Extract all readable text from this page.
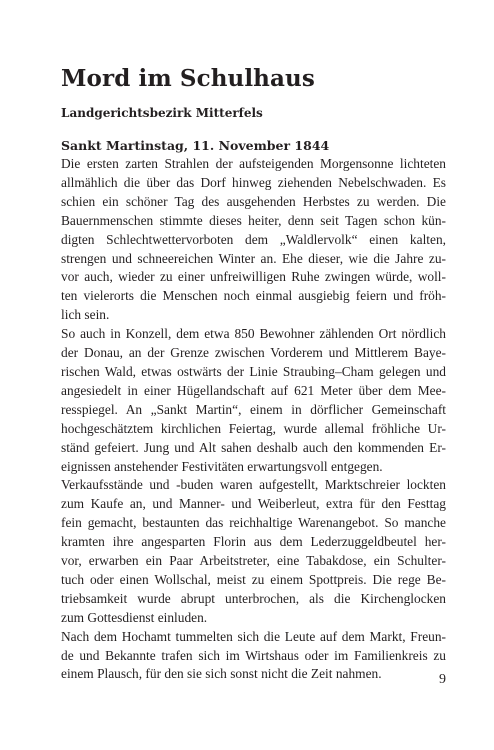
Mord im Schulhaus
Landgerichtsbezirk Mitterfels
Sankt Martinstag, 11. November 1844
Die ersten zarten Strahlen der aufsteigenden Morgensonne lichteten
allmählich die über das Dorf hinweg ziehenden Nebelschwaden. Es
schien ein schöner Tag des ausgehenden Herbstes zu werden. Die
Bauernmenschen stimmte dieses heiter, denn seit Tagen schon kün-
digten Schlechtwettervorboten dem „Waldlervolk“ einen kalten,
strengen und schneereichen Winter an. Ehe dieser, wie die Jahre zu-
vor auch, wieder zu einer unfreiwilligen Ruhe zwingen würde, woll-
ten vielerorts die Menschen noch einmal ausgiebig feiern und fröh-
lich sein.
So auch in Konzell, dem etwa 850 Bewohner zählenden Ort nördlich
der Donau, an der Grenze zwischen Vorderem und Mittlerem Baye-
rischen Wald, etwas ostwärts der Linie Straubing–Cham gelegen und
angesiedelt in einer Hügellandschaft auf 621 Meter über dem Mee-
resspiegel. An „Sankt Martin“, einem in dörflicher Gemeinschaft
hochgeschätztem kirchlichen Feiertag, wurde allemal fröhliche Ur-
ständ gefeiert. Jung und Alt sahen deshalb auch den kommenden Er-
eignissen anstehender Festivitäten erwartungsvoll entgegen.
Verkaufsstände und -buden waren aufgestellt, Marktschreier lockten
zum Kaufe an, und Manner- und Weiberleut, extra für den Festtag
fein gemacht, bestaunten das reichhaltige Warenangebot. So manche
kramten ihre angesparten Florin aus dem Lederzuggeldbeutel her-
vor, erwarben ein Paar Arbeitstreter, eine Tabakdose, ein Schulter-
tuch oder einen Wollschal, meist zu einem Spottpreis. Die rege Be-
triebsamkeit wurde abrupt unterbrochen, als die Kirchenglocken
zum Gottesdienst einluden.
Nach dem Hochamt tummelten sich die Leute auf dem Markt, Freun-
de und Bekannte trafen sich im Wirtshaus oder im Familienkreis zu
einem Plausch, für den sie sich sonst nicht die Zeit nahmen.	9
